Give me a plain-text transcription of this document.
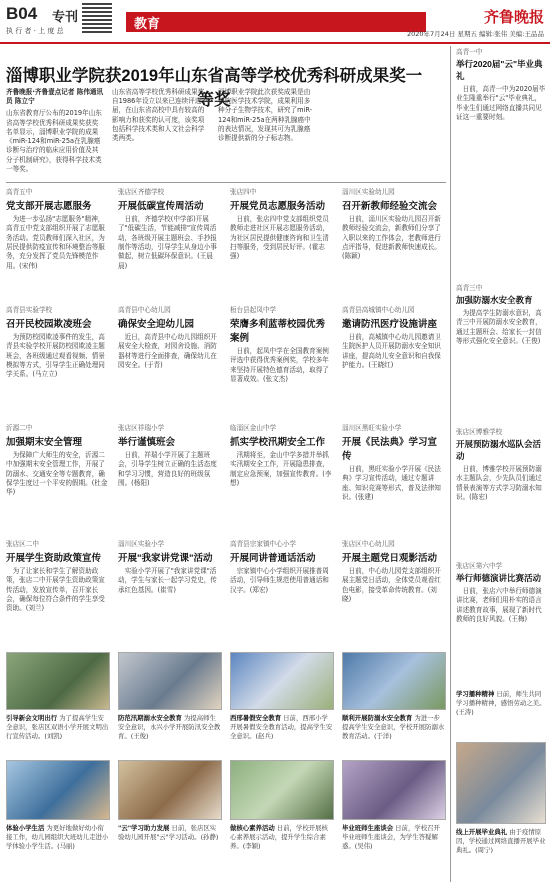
B04 专刊
执 行 者 · 上 度 总	教育	齐鲁晚报
2020年7月24日 星期五 编辑:张伟 美编:王品品
淄博职业学院获2019年山东省高等学校优秀科研成果奖一等奖
齐鲁晚报·齐鲁壹点记者 陈伟通讯员 陈立宁
山东省教育厅公布的2019年山东省高等学校优秀科研成果奖获奖名单显示，淄博职业学院的成果《miR-124和miR-25a在乳腺癌诊断与治疗的临床应用价值及其分子机制研究》，获得科学技术类一等奖。
山东省高等学校优秀科研成果奖自1986年设立以来已连续评选34届，在山东省高校中具有较高的影响力和获奖的认可度，该奖项包括科学技术类和人文社会科学类两类。
淄博职业学院此次获奖成果是由该院医学技术学院，成果利用多种分子生物学技术，研究了miR-124和miR-25a在两种乳腺癌中的表达情况，发现其可为乳腺癌诊断提供新的分子标志物。
高青五中
党支部开展志愿服务

为进一步弘扬"志愿服务"精神，高青五中党支部组织开展了志愿服务活动。党员教师们深入社区，为居民提供防疫宣传和环境整治等服务，充分发挥了党员先锋模范作用。(宋伟)

张店区齐德学校
开展低碳宣传周活动

日前，齐德学校(中学部)开展了"低碳生活，节能减排"宣传周活动，各班级开展主题班会、手抄报制作等活动，引导学生从身边小事做起，树立低碳环保意识。(王晨晨)

张店四中
开展党员志愿服务活动

日前，张店四中党支部组织党员教师走进社区开展志愿服务活动，为社区居民提供健康咨询和卫生清扫等服务，受到居民好评。(霍志强)

淄川区实验幼儿园
召开新教师经验交流会

日前，淄川区实验幼儿园召开新教师经验交流会，新教师们分享了入职以来的工作体会，老教师进行点评指导，促进新教师快速成长。(陈颖)

高青县实验学校
召开民校园欺凌班会

为预防校园欺凌事件的发生，高青县实验学校开展防校园欺凌主题班会，各班级通过观看视频、情景模拟等方式，引导学生正确处理同学关系。(马立立)

高青县中心幼儿园
确保安全迎幼儿园

近日，高青县中心幼儿园组织开展安全大检查，对园舍设施、消防器材等进行全面排查，确保幼儿在园安全。(于青)

桓台县起凤中学
荣膺多利蓝蒂校园优秀案例

日前，起凤中学在全国教育案例评选中获得优秀案例奖，学校多年来坚持开展特色德育活动，取得了显著成效。(张文杰)

高青县高城镇中心幼儿园
邀请防汛医疗设施讲座

日前，高城镇中心幼儿园邀请卫生院医护人员开展防溺水安全知识讲座，提高幼儿安全意识和自我保护能力。(王晓红)

沂源二中
加强期末安全管理

为保障广大师生的安全，沂源二中加强期末安全管理工作，开展了防溺水、交通安全等专题教育，确保学生度过一个平安的假期。(杜金华)

张店区祥瑞小学
举行谨慎班会

日前，祥瑞小学开展了主题班会，引导学生树立正确的生活态度和学习习惯，营造良好的班级氛围。(杨阳)

临淄区金山中学
抓实学校汛期安全工作

汛期将至，金山中学多措并举抓实汛期安全工作，开展隐患排查，制定应急预案，加强宣传教育。(李想)

淄川区黑旺实验小学
开展《民法典》学习宣传

日前，黑旺实验小学开展《民法典》学习宣传活动，通过专题讲座、知识竞赛等形式，普及法律知识。(张建)

张店区二中
开展学生资助政策宣传

为了让家长和学生了解资助政策，张店二中开展学生资助政策宣传活动，发放宣传单，召开家长会，确保每位符合条件的学生享受资助。(刘兰)

淄川区实验小学
开展"我家讲党课"活动

实验小学开展了"我家讲党课"活动，学生与家长一起学习党史，传承红色基因。(崔雪)

高青县宗家镇中心小学
开展同讲普通话活动

宗家镇中心小学组织开展推普周活动，引导师生规范使用普通话和汉字。(郑宏)

张店区中心幼儿园
开展主题党日观影活动

日前，中心幼儿园党支部组织开展主题党日活动，全体党员观看红色电影，接受革命传统教育。(刘晓)

引导新会文明出行 为了提高学生安全意识，张店区双语小学开展文明出行宣传活动。(刘凯)
防范汛期溺水安全教育 为提高师生安全意识，永兴小学开展防汛安全教育。(王俊)
西邢暑假安全教育 日前，西邢小学开展暑假安全教育活动，提高学生安全意识。(赵兵)
顺利开展防溺水安全教育 为进一步提高学生安全意识，学校开展防溺水教育活动。(于洋)
体验小学生活 为更好地做好幼小衔接工作，幼儿园组织大班幼儿走进小学体验小学生活。(马丽)
"云"学习助力发展 日前，张店区实验幼儿园开展"云"学习活动。(孙静)
做核心素养活动 日前，学校开展核心素养展示活动，提升学生综合素养。(李颖)
毕业班师生座谈会 日前，学校召开毕业班师生座谈会，为学生答疑解惑。(吴伟)
高青一中
举行2020届"云"毕业典礼

日前，高青一中为2020届毕业生隆重举行"云"毕业典礼，毕业生们通过网络直播共同见证这一重要时刻。

高青三中
加强防溺水安全教育

为提高学生防溺水意识，高青三中开展防溺水安全教育，通过主题班会、给家长一封信等形式强化安全意识。(王俊)

张店区博雅学校
开展预防溺水巡队会活动

日前，博雅学校开展预防溺水主题队会，少先队员们通过情景表演等方式学习防溺水知识。(陈宏)

张店区第六中学
举行师德演讲比赛活动

日前，张店六中举行师德演讲比赛，老师们用朴实的语言讲述教育故事，展现了新时代教师的良好风貌。(王梅)

学习播种精神 日前，师生共同学习播种精神，感悟劳动之美。(王涛)
线上开展毕业典礼 由于疫情原因，学校通过网络直播开展毕业典礼。(周宁)
